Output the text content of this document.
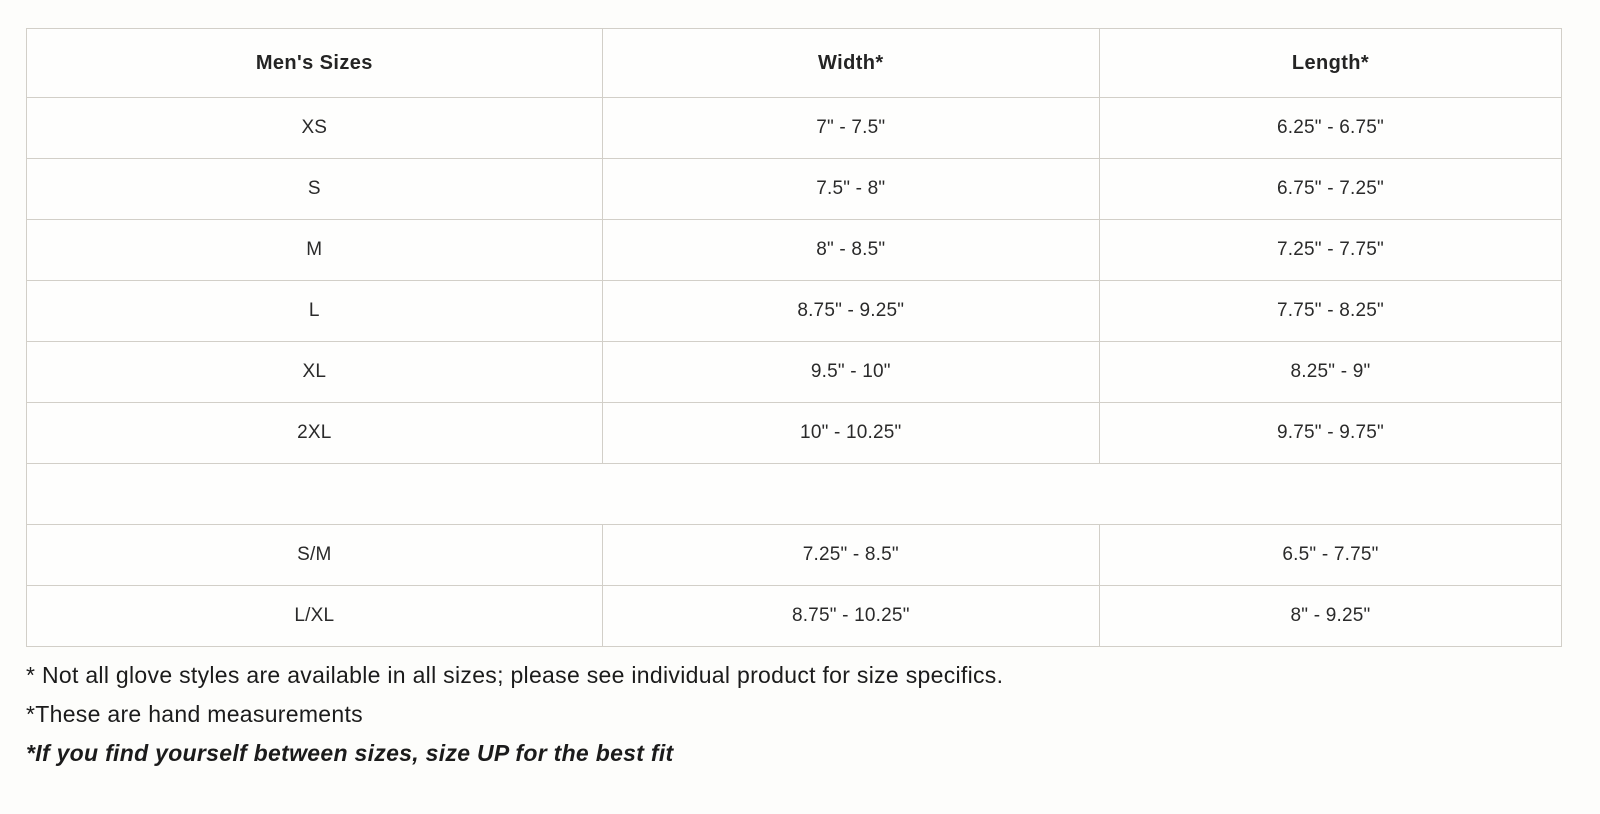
Men's Sizes	Width*	Length*
XS	7" - 7.5"	6.25" - 6.75"
S	7.5" - 8"	6.75" - 7.25"
M	8" - 8.5"	7.25" - 7.75"
L	8.75" - 9.25"	7.75" - 8.25"
XL	9.5" - 10"	8.25" - 9"
2XL	10" - 10.25"	9.75" - 9.75"

S/M	7.25" - 8.5"	6.5" - 7.75"
L/XL	8.75" - 10.25"	8" - 9.25"

* Not all glove styles are available in all sizes; please see individual product for size specifics.

*These are hand measurements

*If you find yourself between sizes, size UP for the best fit
